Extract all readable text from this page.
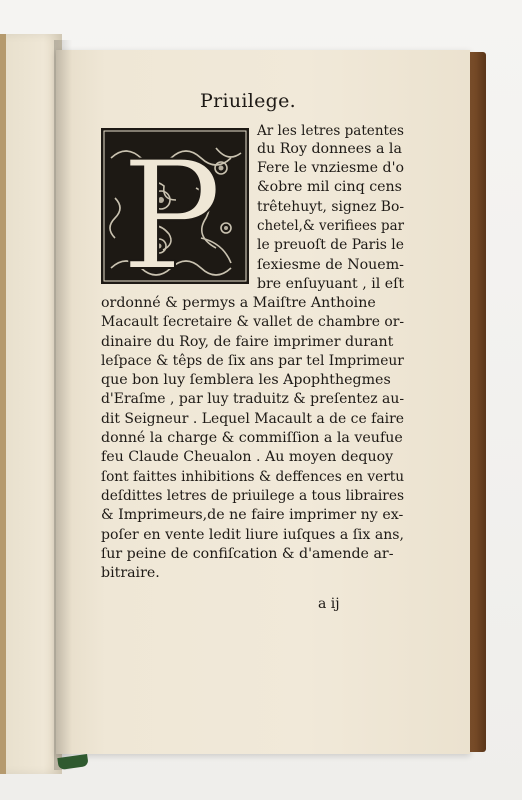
Priuilege.
P Ar les letres patentes
du Roy donnees a la
Fere le vnziesme d'o
&obre mil cinq cens
trêtehuyt, signez Bo-
chetel,& verifiees par
le preuoſt de Paris le
ſexiesme de Nouem-
bre enſuyuant , il eſt
ordonné & permys a Maiſtre Anthoine
Macault ſecretaire & vallet de chambre or-
dinaire du Roy, de faire imprimer durant
leſpace & têps de ſix ans par tel Imprimeur
que bon luy ſemblera les Apophthegmes
d'Eraſme , par luy traduitz & preſentez au-
dit Seigneur . Lequel Macault a de ce faire
donné la charge & commiſſion a la veufue
feu Claude Cheualon . Au moyen dequoy
ſont faittes inhibitions & deffences en vertu
deſdittes letres de priuilege a tous libraires
& Imprimeurs,de ne faire imprimer ny ex-
poſer en vente ledit liure iuſques a ſix ans,
ſur peine de confiſcation & d'amende ar-
bitraire.
a ij
